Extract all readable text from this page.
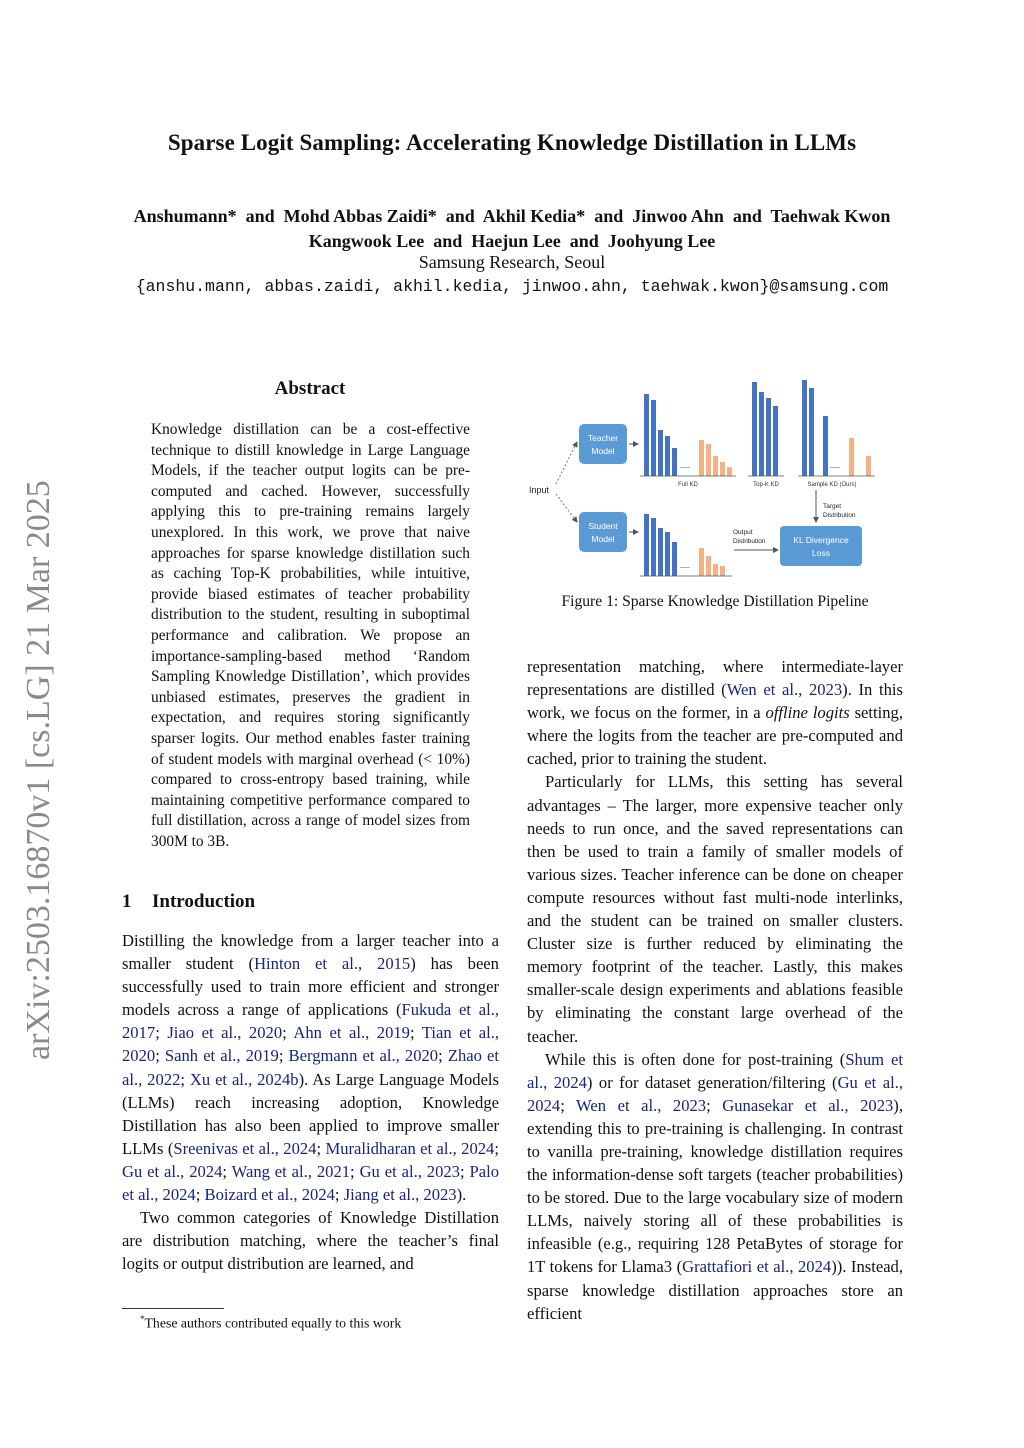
arXiv:2503.16870v1 [cs.LG] 21 Mar 2025
Sparse Logit Sampling: Accelerating Knowledge Distillation in LLMs
Anshumann*  and  Mohd Abbas Zaidi*  and  Akhil Kedia*  and  Jinwoo Ahn  and  Taehwak Kwon
Kangwook Lee  and  Haejun Lee  and  Joohyung Lee
Samsung Research, Seoul
{anshu.mann, abbas.zaidi, akhil.kedia, jinwoo.ahn, taehwak.kwon}@samsung.com
Abstract
Knowledge distillation can be a cost-effective technique to distill knowledge in Large Language Models, if the teacher output logits can be pre-computed and cached. However, successfully applying this to pre-training remains largely unexplored. In this work, we prove that naive approaches for sparse knowledge distillation such as caching Top-K probabilities, while intuitive, provide biased estimates of teacher probability distribution to the student, resulting in suboptimal performance and calibration. We propose an importance-sampling-based method ‘Random Sampling Knowledge Distillation’, which provides unbiased estimates, preserves the gradient in expectation, and requires storing significantly sparser logits. Our method enables faster training of student models with marginal overhead (< 10%) compared to cross-entropy based training, while maintaining competitive performance compared to full distillation, across a range of model sizes from 300M to 3B.
1 Introduction

Distilling the knowledge from a larger teacher into a smaller student (Hinton et al., 2015) has been successfully used to train more efficient and stronger models across a range of applications (Fukuda et al., 2017; Jiao et al., 2020; Ahn et al., 2019; Tian et al., 2020; Sanh et al., 2019; Bergmann et al., 2020; Zhao et al., 2022; Xu et al., 2024b). As Large Language Models (LLMs) reach increasing adoption, Knowledge Distillation has also been applied to improve smaller LLMs (Sreenivas et al., 2024; Muralidharan et al., 2024; Gu et al., 2024; Wang et al., 2021; Gu et al., 2023; Palo et al., 2024; Boizard et al., 2024; Jiang et al., 2023).

Two common categories of Knowledge Distillation are distribution matching, where the teacher’s final logits or output distribution are learned, and

*These authors contributed equally to this work
Input
Teacher
Model
Student
Model
.....
Full KD	Top-K KD
.....
Sample KD (Ours)
.....
Output
Distribution
Target
Distribution
KL Divergence
Loss
Figure 1: Sparse Knowledge Distillation Pipeline

representation matching, where intermediate-layer representations are distilled (Wen et al., 2023). In this work, we focus on the former, in a offline logits setting, where the logits from the teacher are pre-computed and cached, prior to training the student.

Particularly for LLMs, this setting has several advantages – The larger, more expensive teacher only needs to run once, and the saved representations can then be used to train a family of smaller models of various sizes. Teacher inference can be done on cheaper compute resources without fast multi-node interlinks, and the student can be trained on smaller clusters. Cluster size is further reduced by eliminating the memory footprint of the teacher. Lastly, this makes smaller-scale design experiments and ablations feasible by eliminating the constant large overhead of the teacher.

While this is often done for post-training (Shum et al., 2024) or for dataset generation/filtering (Gu et al., 2024; Wen et al., 2023; Gunasekar et al., 2023), extending this to pre-training is challenging. In contrast to vanilla pre-training, knowledge distillation requires the information-dense soft targets (teacher probabilities) to be stored. Due to the large vocabulary size of modern LLMs, naively storing all of these probabilities is infeasible (e.g., requiring 128 PetaBytes of storage for 1T tokens for Llama3 (Grattafiori et al., 2024)). Instead, sparse knowledge distillation approaches store an efficient
